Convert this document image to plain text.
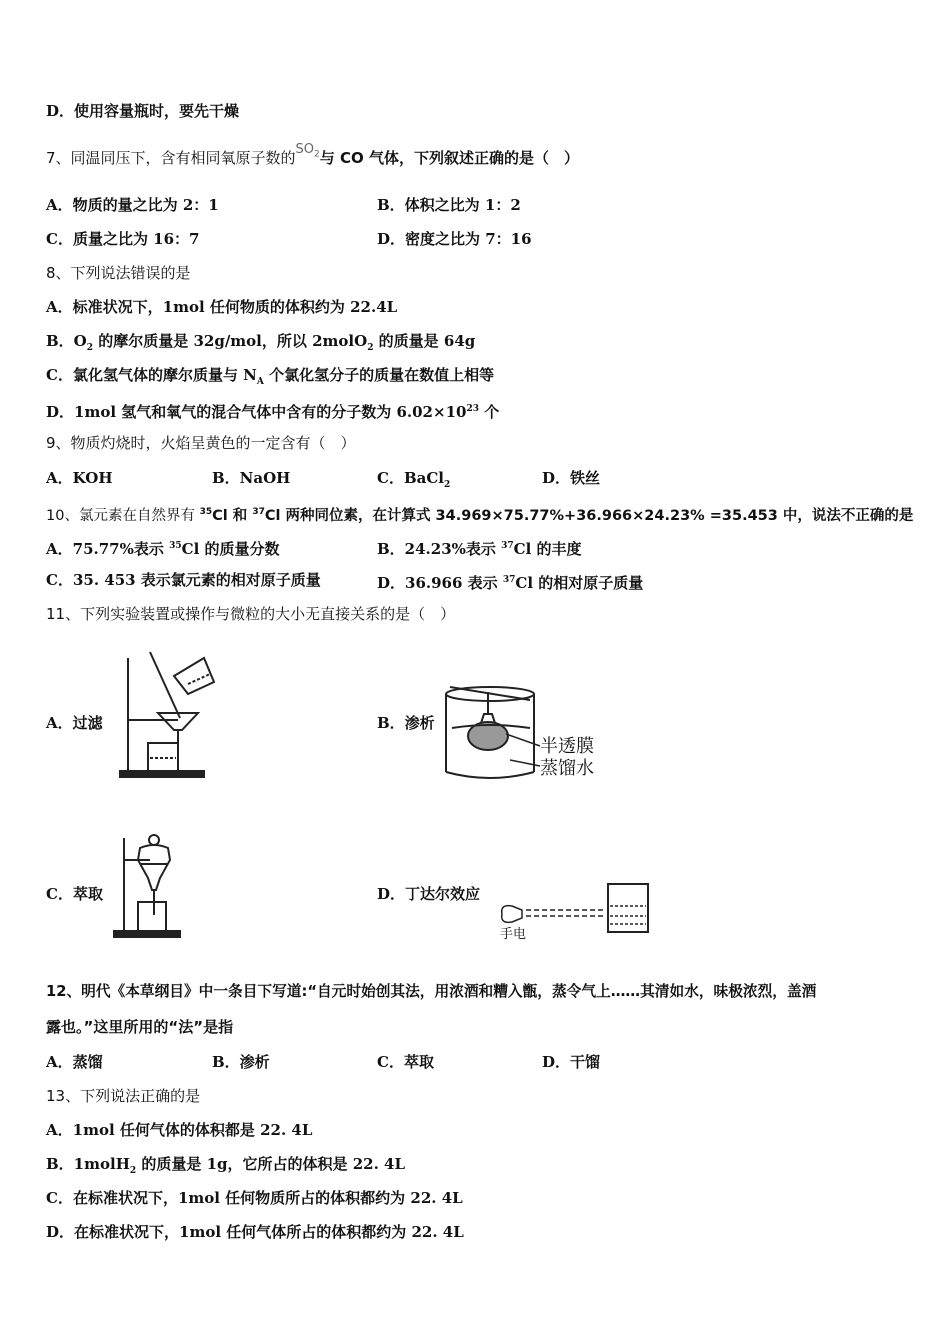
D．使用容量瓶时，要先干燥
7、同温同压下，含有相同氧原子数的$SO_2$与 CO 气体，下列叙述正确的是（　）
A．物质的量之比为 2：1	B．体积之比为 1：2
C．质量之比为 16：7	D．密度之比为 7：16
8、下列说法错误的是
A．标准状况下，1mol 任何物质的体积约为 22.4L
B．$O_2$ 的摩尔质量是 32g/mol，所以 2molO$_2$ 的质量是 64g
C．氯化氢气体的摩尔质量与 $N_A$ 个氯化氢分子的质量在数值上相等
D．1mol 氢气和氧气的混合气体中含有的分子数为 $6.02\times 10^{23}$ 个
9、物质灼烧时，火焰呈黄色的一定含有（　）
A．KOH	B．NaOH	C．BaCl$_2$	D．铁丝
10、氯元素在自然界有 $^{35}$Cl 和 $^{37}$Cl 两种同位素，在计算式 34.969×75.77%+36.966×24.23% =35.453 中，说法不正确的是
A．75.77%表示 $^{35}$Cl 的质量分数	B．24.23%表示 $^{37}$Cl 的丰度
C．35. 453 表示氯元素的相对原子质量	D．36.966 表示 $^{37}$Cl 的相对原子质量
11、下列实验装置或操作与微粒的大小无直接关系的是（　）
A．过滤	B．渗析
半透膜
蒸馏水
C．萃取	D．丁达尔效应
手电
12、明代《本草纲目》中一条目下写道:“自元时始创其法，用浓酒和糟入甑，蒸令气上……其清如水，味极浓烈，盖酒
露也。”这里所用的“法”是指
A．蒸馏	B．渗析	C．萃取	D．干馏
13、下列说法正确的是
A．1mol 任何气体的体积都是 22. 4L
B．1molH$_2$ 的质量是 1g，它所占的体积是 22. 4L
C．在标准状况下，1mol 任何物质所占的体积都约为 22. 4L
D．在标准状况下，1mol 任何气体所占的体积都约为 22. 4L
